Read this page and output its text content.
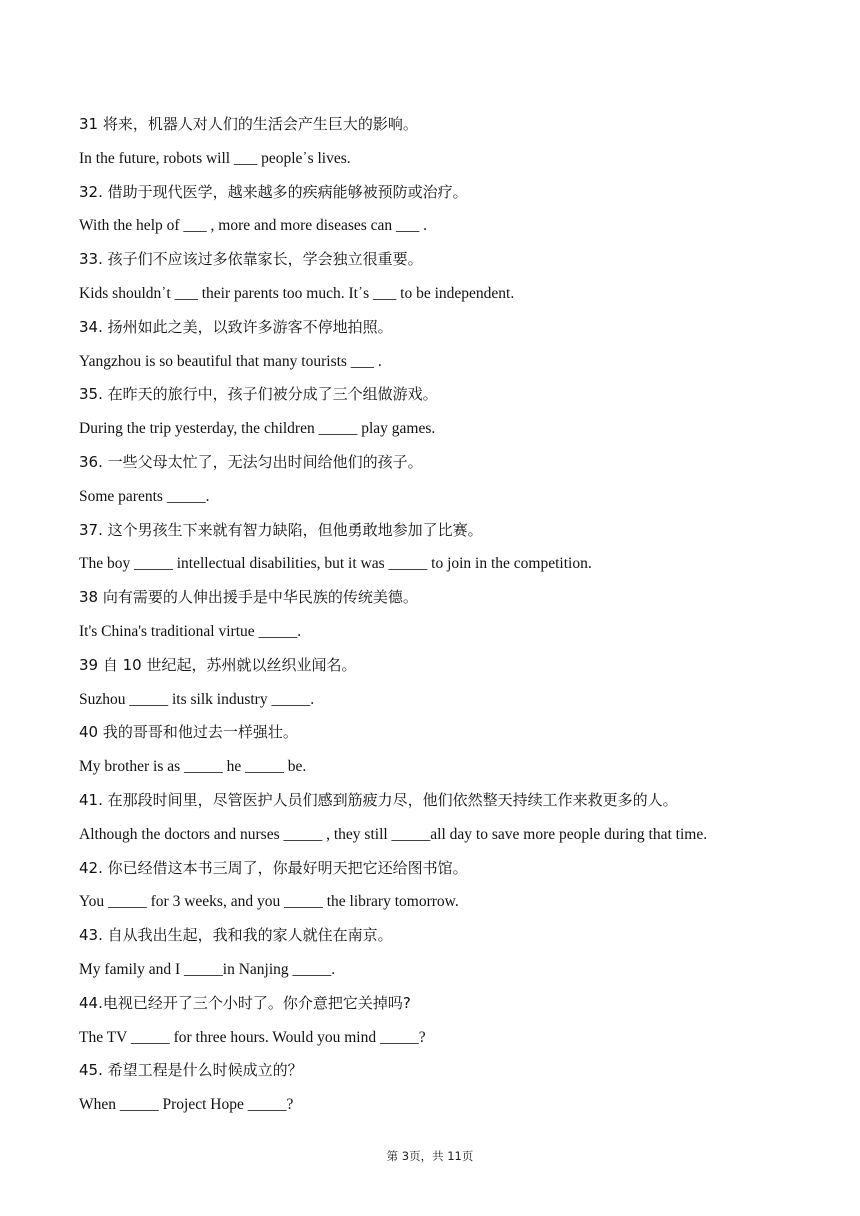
31 将来，机器人对人们的生活会产生巨大的影响。
In the future, robots will ___ people᾿s lives.
32. 借助于现代医学，越来越多的疾病能够被预防或治疗。
With the help of ___ , more and more diseases can ___ .
33. 孩子们不应该过多依靠家长，学会独立很重要。
Kids shouldn᾿t ___ their parents too much. It᾿s ___ to be independent.
34. 扬州如此之美，以致许多游客不停地拍照。
Yangzhou is so beautiful that many tourists ___ .
35. 在昨天的旅行中，孩子们被分成了三个组做游戏。
During the trip yesterday, the children _____ play games.
36. 一些父母太忙了，无法匀出时间给他们的孩子。
Some parents _____.
37. 这个男孩生下来就有智力缺陷，但他勇敢地参加了比赛。
The boy _____ intellectual disabilities, but it was _____ to join in the competition.
38 向有需要的人伸出援手是中华民族的传统美德。
It's China's traditional virtue _____.
39 自 10 世纪起，苏州就以丝织业闻名。
Suzhou _____ its silk industry _____.
40 我的哥哥和他过去一样强壮。
My brother is as _____ he _____ be.
41. 在那段时间里，尽管医护人员们感到筋疲力尽，他们依然整天持续工作来救更多的人。
Although the doctors and nurses _____ , they still _____all day to save more people during that time.
42. 你已经借这本书三周了，你最好明天把它还给图书馆。
You _____ for 3 weeks, and you _____ the library tomorrow.
43. 自从我出生起，我和我的家人就住在南京。
My family and I _____in Nanjing _____.
44.电视已经开了三个小时了。你介意把它关掉吗?
The TV _____ for three hours. Would you mind _____?
45. 希望工程是什么时候成立的？
When _____ Project Hope _____?
第 3页，共 11页
